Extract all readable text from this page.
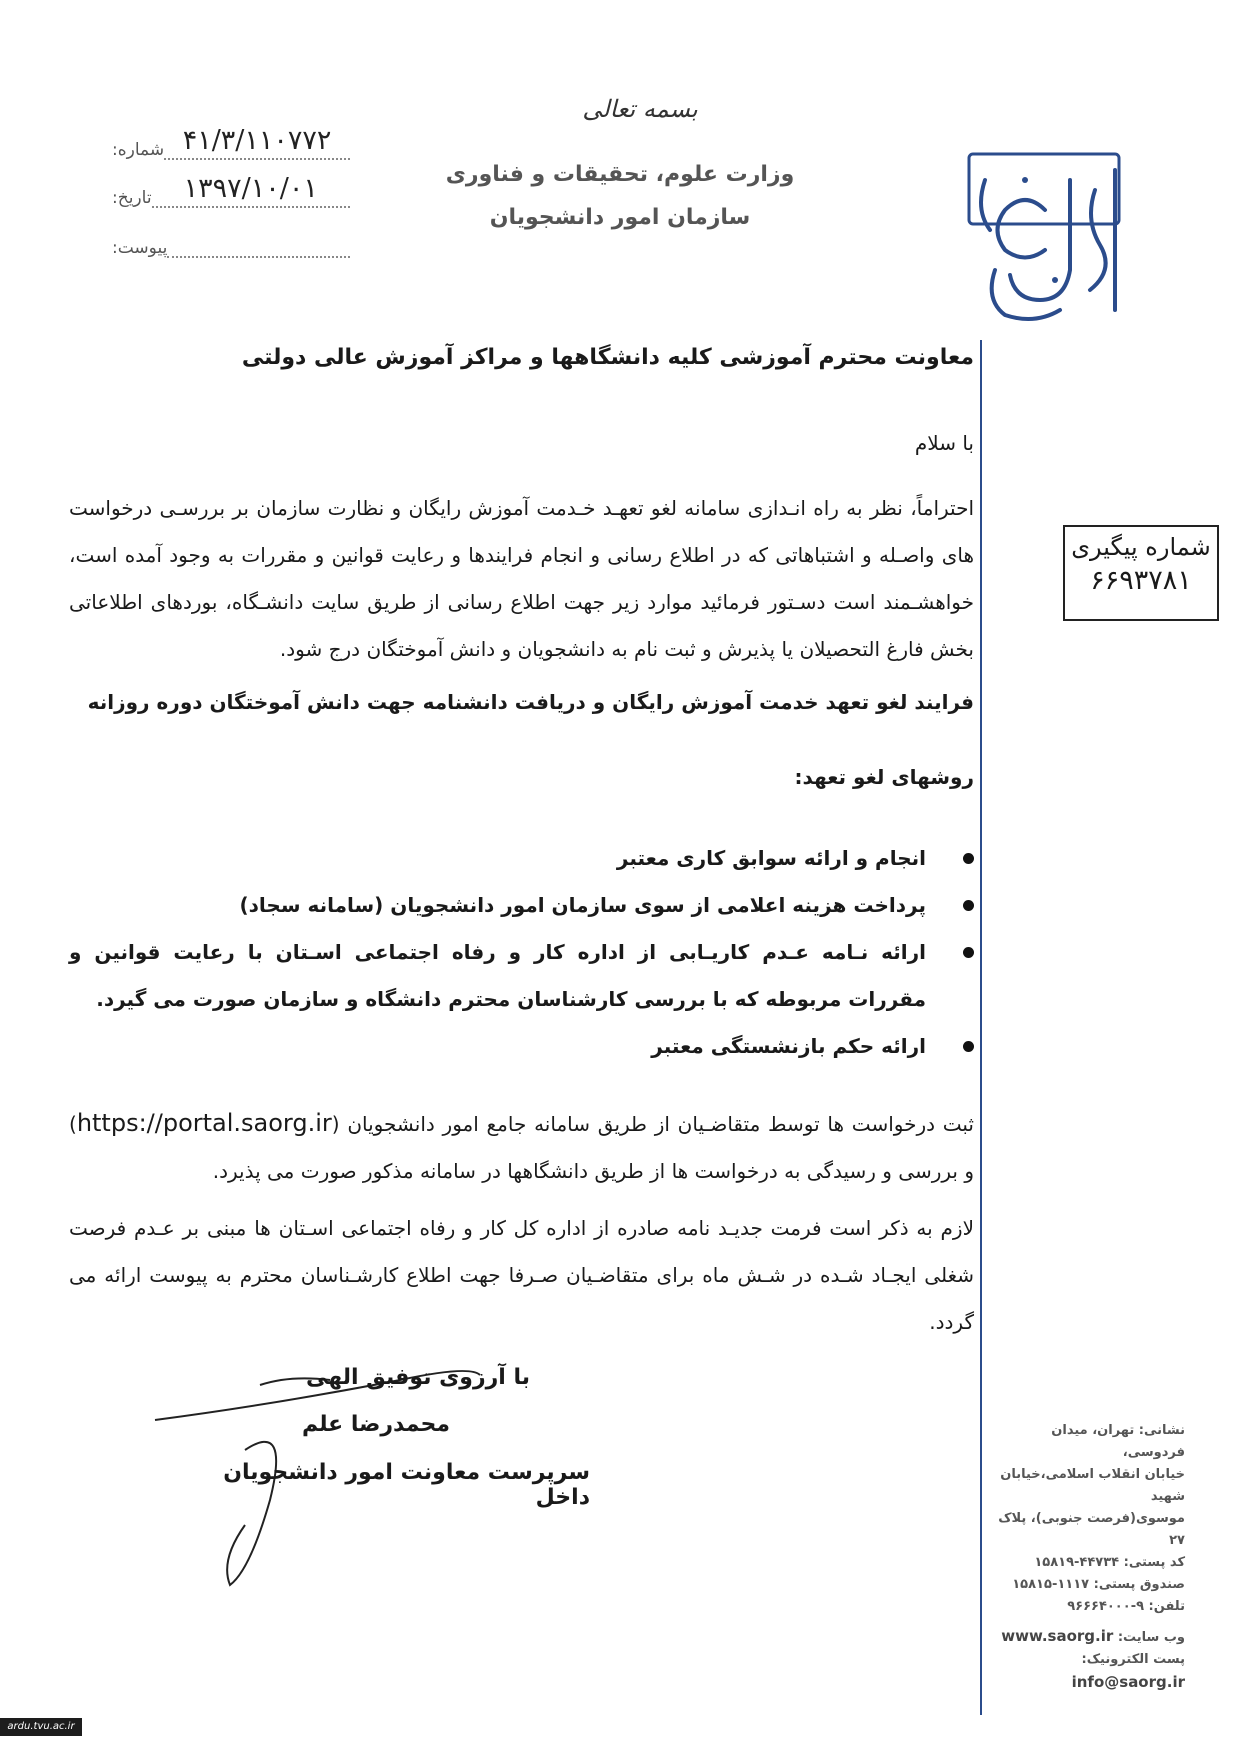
بسمه تعالی
وزارت علوم، تحقیقات و فناوری
سازمان امور دانشجویان
شماره: ۴۱/۳/۱۱۰۷۷۲
تاریخ:	۱۳۹۷/۱۰/۰۱
پیوست:
شماره پیگیری
۶۶۹۳۷۸۱
معاونت محترم آموزشی کلیه دانشگاهها و مراکز آموزش عالی دولتی
با سلام
احتراماً، نظر به راه انـدازی سامانه لغو تعهـد خـدمت آموزش رایگان و نظارت سازمان بر بررسـی درخواست های واصـله و اشتباهاتی که در اطلاع رسانی و انجام فرایندها و رعایت قوانین و مقررات به وجود آمده است، خواهشـمند است دسـتور فرمائید موارد زیر جهت اطلاع رسانی از طریق سایت دانشـگاه، بوردهای اطلاعاتی بخش فارغ التحصیلان یا پذیرش و ثبت نام به دانشجویان و دانش آموختگان درج شود.
فرایند لغو تعهد خدمت آموزش رایگان و دریافت دانشنامه جهت دانش آموختگان دوره روزانه
روشهای لغو تعهد:
انجام و ارائه سوابق کاری معتبر
پرداخت هزینه اعلامی از سوی سازمان امور دانشجویان (سامانه سجاد)
ارائه نـامه عـدم کاریـابی از اداره کار و رفاه اجتماعی اسـتان با رعایت قوانین و مقررات مربوطه که با بررسی کارشناسان محترم دانشگاه و سازمان صورت می گیرد.
ارائه حکم بازنشستگی معتبر
ثبت درخواست ها توسط متقاضـیان از طریق سامانه جامع امور دانشجویان (https://portal.saorg.ir) و بررسی و رسیدگی به درخواست ها از طریق دانشگاهها در سامانه مذکور صورت می پذیرد.
لازم به ذکر است فرمت جدیـد نامه صادره از اداره کل کار و رفاه اجتماعی اسـتان ها مبنی بر عـدم فرصت شغلی ایجـاد شـده در شـش ماه برای متقاضـیان صـرفا جهت اطلاع کارشـناسان محترم به پیوست ارائه می گردد.
با آرزوی توفیق الهی
محمدرضا علم
سرپرست معاونت امور دانشجویان داخل
نشانی: تهران، میدان فردوسی،
خیابان انقلاب اسلامی،خیابان شهید
موسوی(فرصت جنوبی)، پلاک ۲۷
کد پستی: ۴۴۷۳۴-۱۵۸۱۹
صندوق پستی: ۱۱۱۷-۱۵۸۱۵
تلفن: ۹-۹۶۶۶۴۰۰۰
وب سایت: www.saorg.ir
پست الکترونیک: info@saorg.ir
ardu.tvu.ac.ir
